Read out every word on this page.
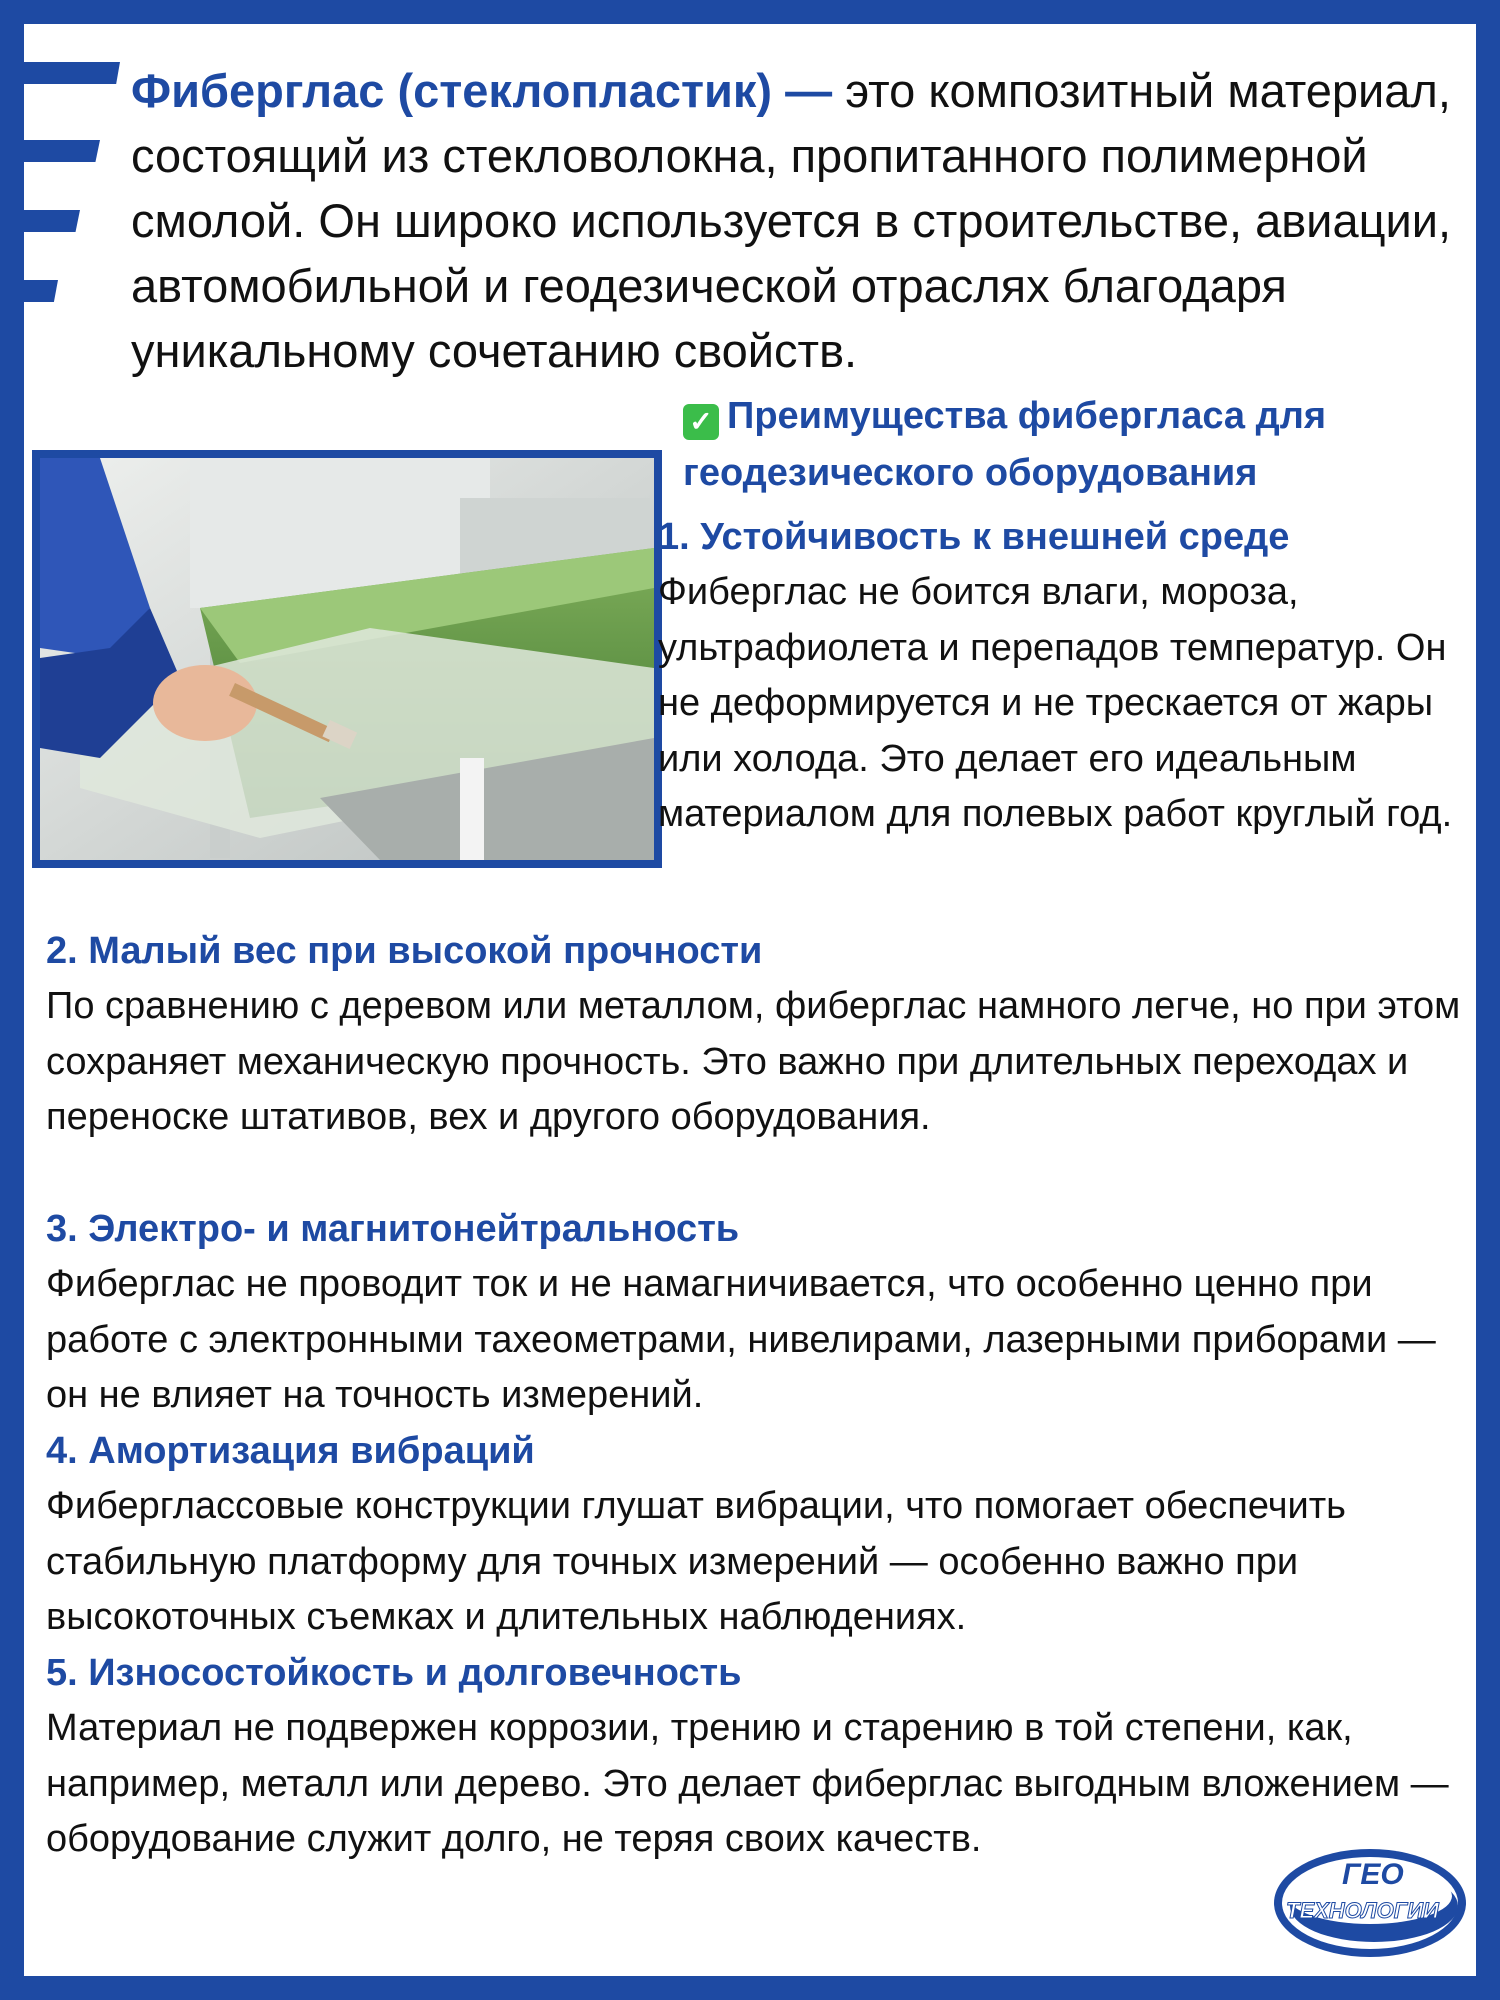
Фиберглас (стеклопластик) — это композитный материал, состоящий из стекловолокна, пропитанного полимерной смолой. Он широко используется в строительстве, авиации, автомобильной и геодезической отраслях благодаря уникальному сочетанию свойств.

✓ Преимущества фибергласа для геодезического оборудования

1. Устойчивость к внешней среде

Фиберглас не боится влаги, мороза, ультрафиолета и перепадов температур. Он не деформируется и не трескается от жары или холода. Это делает его идеальным материалом для полевых работ круглый год.

2. Малый вес при высокой прочности

По сравнению с деревом или металлом, фиберглас намного легче, но при этом сохраняет механическую прочность. Это важно при длительных переходах и переноске штативов, вех и другого оборудования.

3. Электро- и магнитонейтральность

Фиберглас не проводит ток и не намагничивается, что особенно ценно при работе с электронными тахеометрами, нивелирами, лазерными приборами — он не влияет на точность измерений.

4. Амортизация вибраций

Фиберглассовые конструкции глушат вибрации, что помогает обеспечить стабильную платформу для точных измерений — особенно важно при высокоточных съемках и длительных наблюдениях.

5. Износостойкость и долговечность

Материал не подвержен коррозии, трению и старению в той степени, как, например, металл или дерево. Это делает фиберглас выгодным вложением — оборудование служит долго, не теряя своих качеств.

ГЕО
ТЕХНОЛОГИИ
